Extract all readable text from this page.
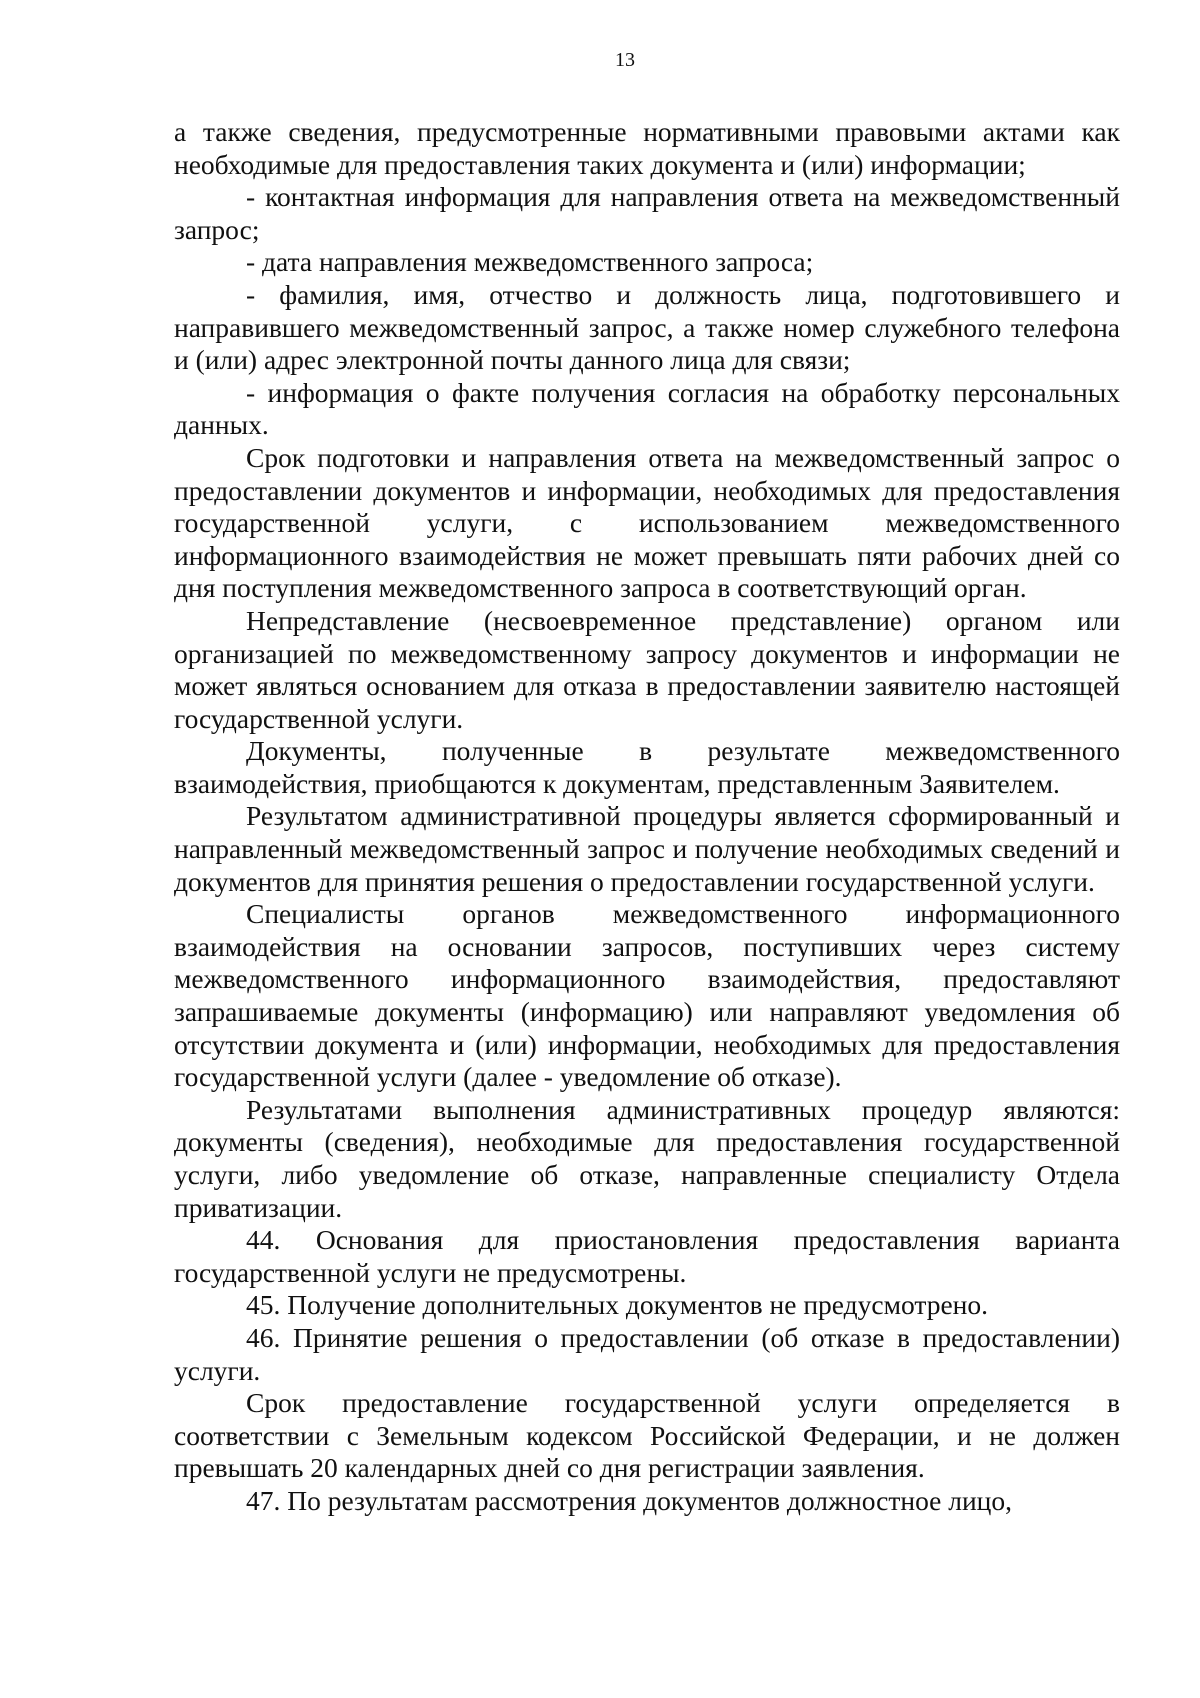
13

а также сведения, предусмотренные нормативными правовыми актами как необходимые для предоставления таких документа и (или) информации;

- контактная информация для направления ответа на межведомственный запрос;

- дата направления межведомственного запроса;

- фамилия, имя, отчество и должность лица, подготовившего и направившего межведомственный запрос, а также номер служебного телефона и (или) адрес электронной почты данного лица для связи;

- информация о факте получения согласия на обработку персональных данных.

Срок подготовки и направления ответа на межведомственный запрос о предоставлении документов и информации, необходимых для предоставления государственной услуги, с использованием межведомственного информационного взаимодействия не может превышать пяти рабочих дней со дня поступления межведомственного запроса в соответствующий орган.

Непредставление (несвоевременное представление) органом или организацией по межведомственному запросу документов и информации не может являться основанием для отказа в предоставлении заявителю настоящей государственной услуги.

Документы, полученные в результате межведомственного взаимодействия, приобщаются к документам, представленным Заявителем.

Результатом административной процедуры является сформированный и направленный межведомственный запрос и получение необходимых сведений и документов для принятия решения о предоставлении государственной услуги.

Специалисты органов межведомственного информационного взаимодействия на основании запросов, поступивших через систему межведомственного информационного взаимодействия, предоставляют запрашиваемые документы (информацию) или направляют уведомления об отсутствии документа и (или) информации, необходимых для предоставления государственной услуги (далее - уведомление об отказе).

Результатами выполнения административных процедур являются: документы (сведения), необходимые для предоставления государственной услуги, либо уведомление об отказе, направленные специалисту Отдела приватизации.

44. Основания для приостановления предоставления варианта государственной услуги не предусмотрены.

45. Получение дополнительных документов не предусмотрено.

46. Принятие решения о предоставлении (об отказе в предоставлении) услуги.

Срок предоставление государственной услуги определяется в соответствии с Земельным кодексом Российской Федерации, и не должен превышать 20 календарных дней со дня регистрации заявления.

47. По результатам рассмотрения документов должностное лицо,
